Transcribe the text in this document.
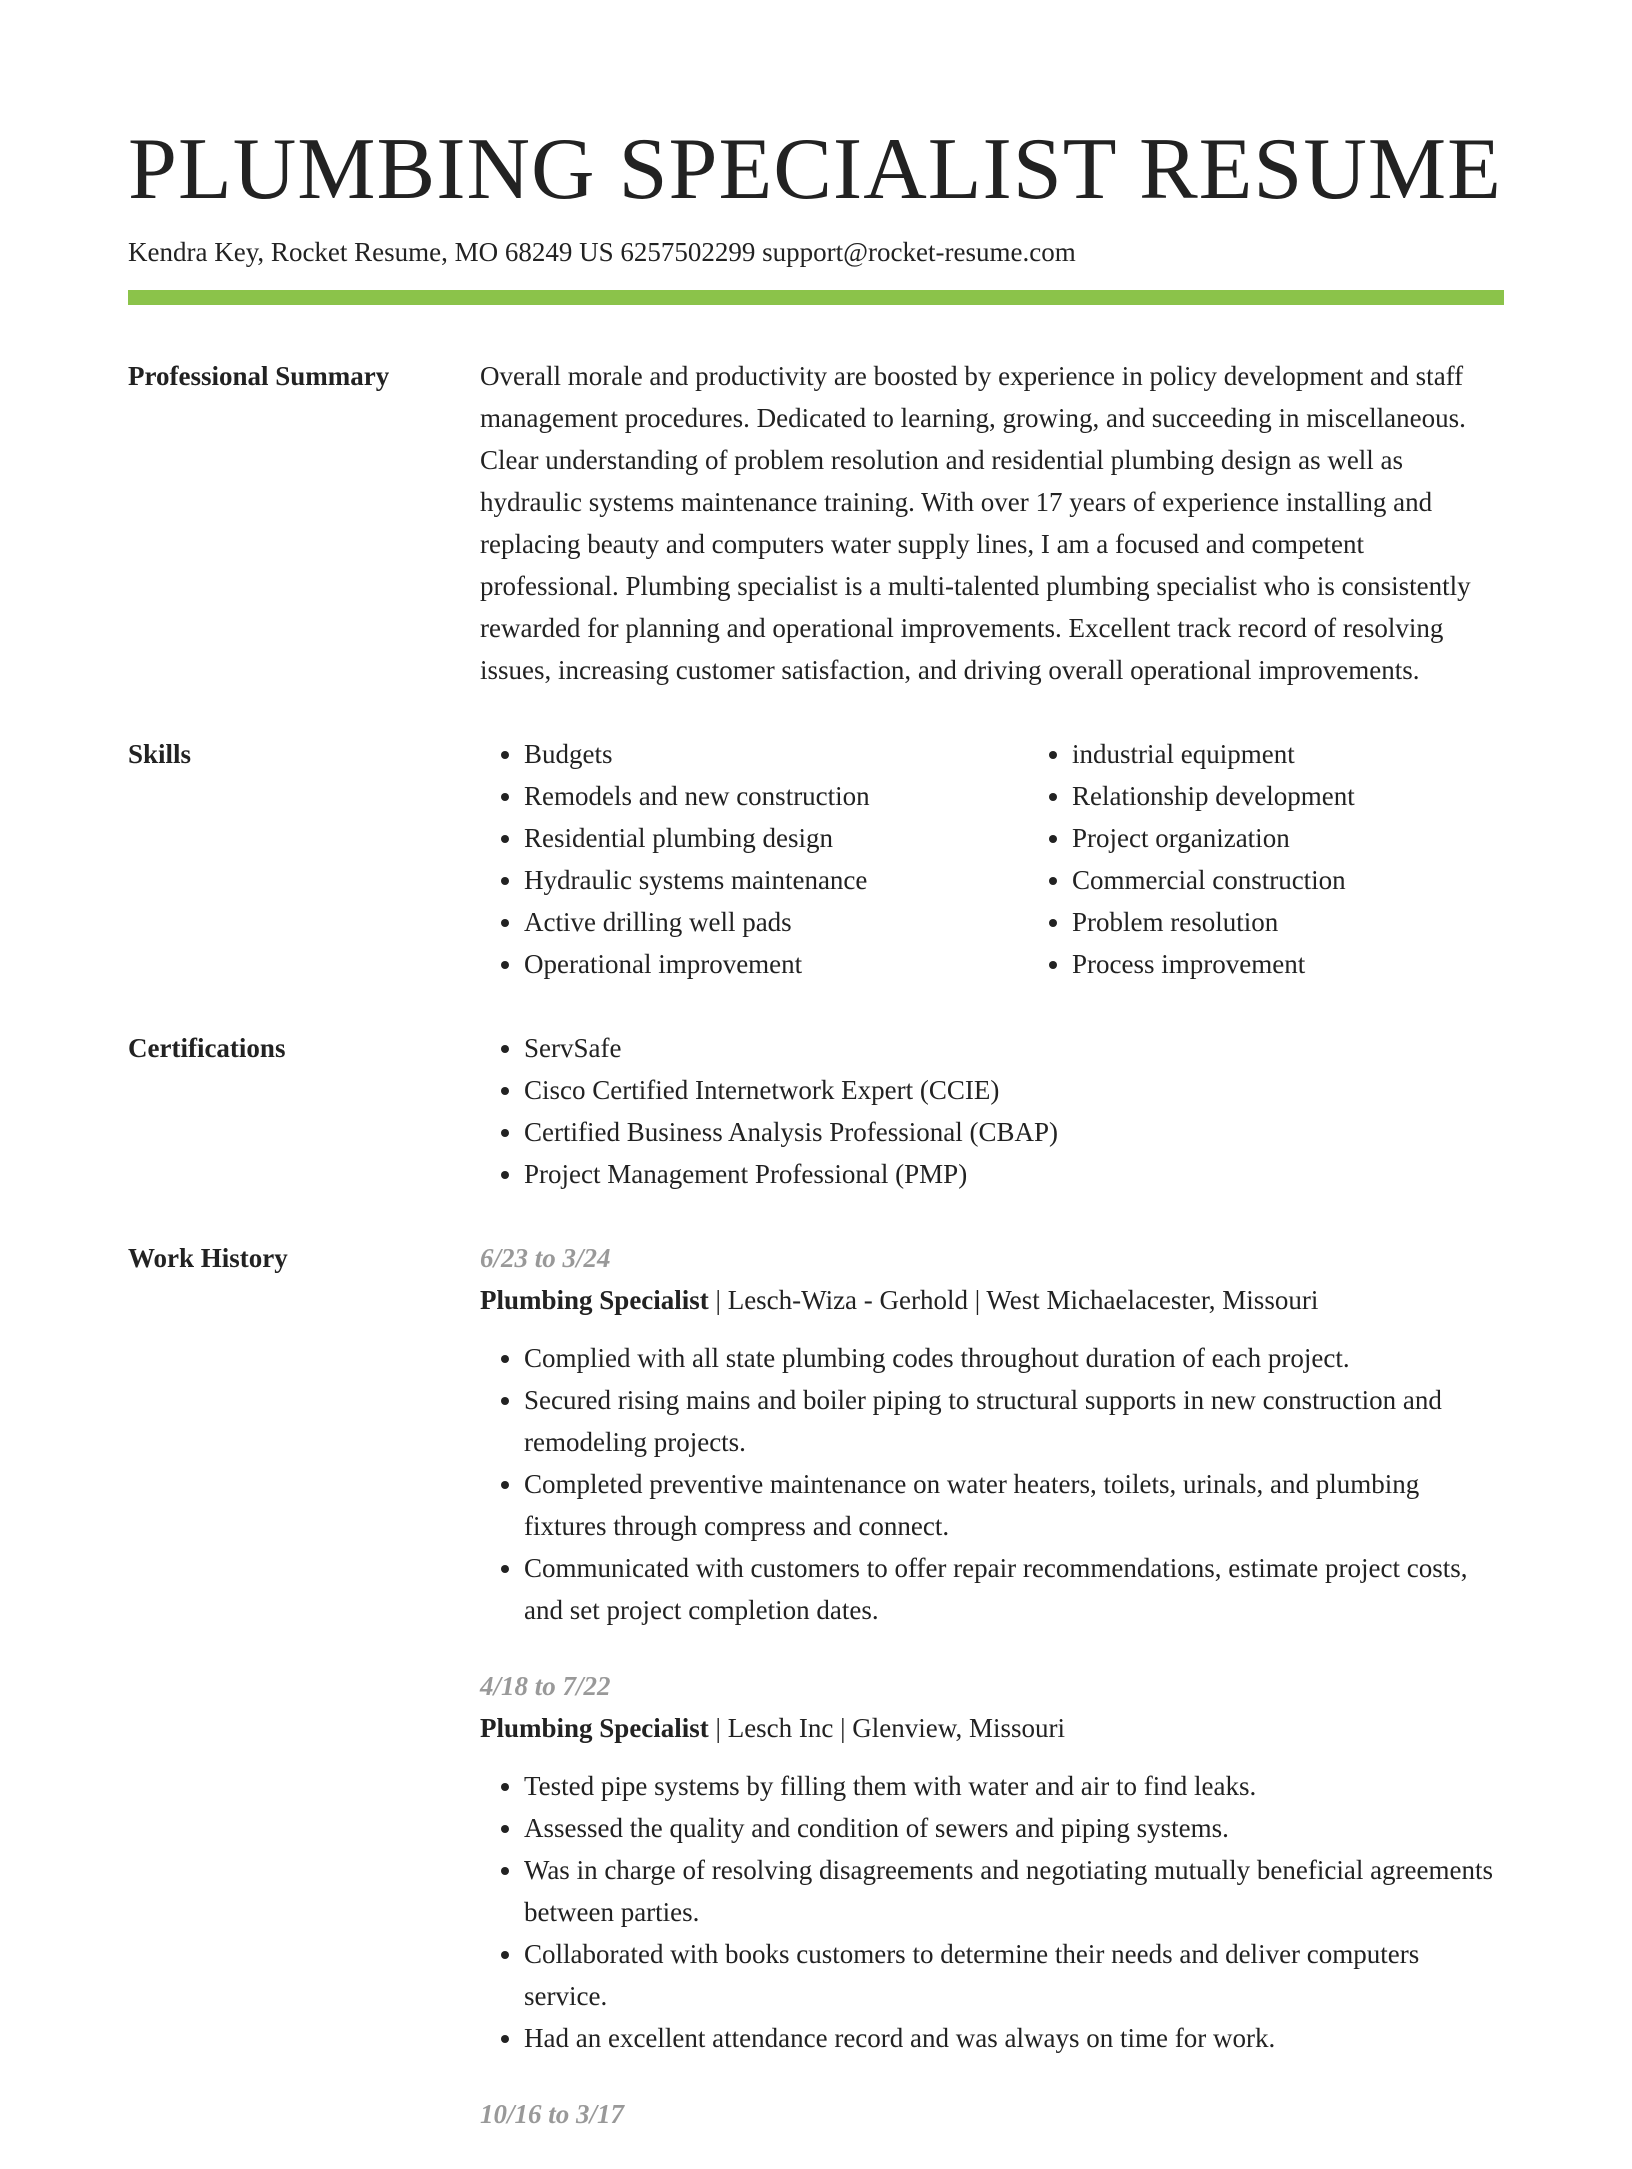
PLUMBING SPECIALIST RESUME
Kendra Key, Rocket Resume, MO 68249 US 6257502299 support@rocket-resume.com
Professional Summary	Overall morale and productivity are boosted by experience in policy development and staff management procedures. Dedicated to learning, growing, and succeeding in miscellaneous. Clear understanding of problem resolution and residential plumbing design as well as hydraulic systems maintenance training. With over 17 years of experience installing and replacing beauty and computers water supply lines, I am a focused and competent professional. Plumbing specialist is a multi-talented plumbing specialist who is consistently rewarded for planning and operational improvements. Excellent track record of resolving issues, increasing customer satisfaction, and driving overall operational improvements.

Skills	• Budgets
• Remodels and new construction
• Residential plumbing design
• Hydraulic systems maintenance
• Active drilling well pads
• Operational improvement
• industrial equipment
• Relationship development
• Project organization
• Commercial construction
• Problem resolution
• Process improvement
Certifications	• ServSafe
• Cisco Certified Internetwork Expert (CCIE)
• Certified Business Analysis Professional (CBAP)
• Project Management Professional (PMP)
Work History	6/23 to 3/24
Plumbing Specialist | Lesch-Wiza - Gerhold | West Michaelacester, Missouri
• Complied with all state plumbing codes throughout duration of each project.
• Secured rising mains and boiler piping to structural supports in new construction and remodeling projects.
• Completed preventive maintenance on water heaters, toilets, urinals, and plumbing fixtures through compress and connect.
• Communicated with customers to offer repair recommendations, estimate project costs, and set project completion dates.
4/18 to 7/22
Plumbing Specialist | Lesch Inc | Glenview, Missouri
• Tested pipe systems by filling them with water and air to find leaks.
• Assessed the quality and condition of sewers and piping systems.
• Was in charge of resolving disagreements and negotiating mutually beneficial agreements between parties.
• Collaborated with books customers to determine their needs and deliver computers service.
• Had an excellent attendance record and was always on time for work.
10/16 to 3/17
